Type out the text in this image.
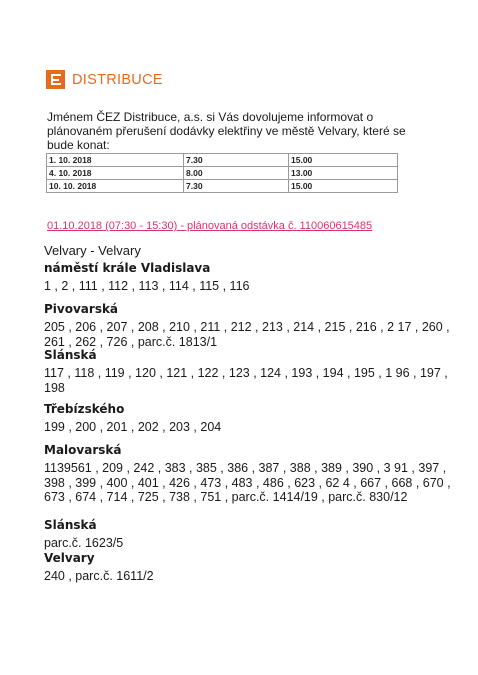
DISTRIBUCE
Jménem ČEZ Distribuce, a.s. si Vás dovolujeme informovat o plánovaném přerušení dodávky elektřiny ve městě Velvary, které se bude konat:
1. 10. 2018	7.30	15.00
4. 10. 2018	8.00	13.00
10. 10. 2018	7.30	15.00
01.10.2018 (07:30 - 15:30) - plánovaná odstávka č. 110060615485
Velvary - Velvary
náměstí krále Vladislava
1 , 2 , 111 , 112 , 113 , 114 , 115 , 116
Pivovarská
205 , 206 , 207 , 208 , 210 , 211 , 212 , 213 , 214 , 215 , 216 , 2 17 , 260 , 261 , 262 , 726 , parc.č. 1813/1
Slánská
117 , 118 , 119 , 120 , 121 , 122 , 123 , 124 , 193 , 194 , 195 , 1 96 , 197 , 198
Třebízského
199 , 200 , 201 , 202 , 203 , 204
Malovarská
1139561 , 209 , 242 , 383 , 385 , 386 , 387 , 388 , 389 , 390 , 3 91 , 397 , 398 , 399 , 400 , 401 , 426 , 473 , 483 , 486 , 623 , 62 4 , 667 , 668 , 670 , 673 , 674 , 714 , 725 , 738 , 751 , parc.č. 1414/19 , parc.č. 830/12
Slánská
parc.č. 1623/5
Velvary
240 , parc.č. 1611/2
